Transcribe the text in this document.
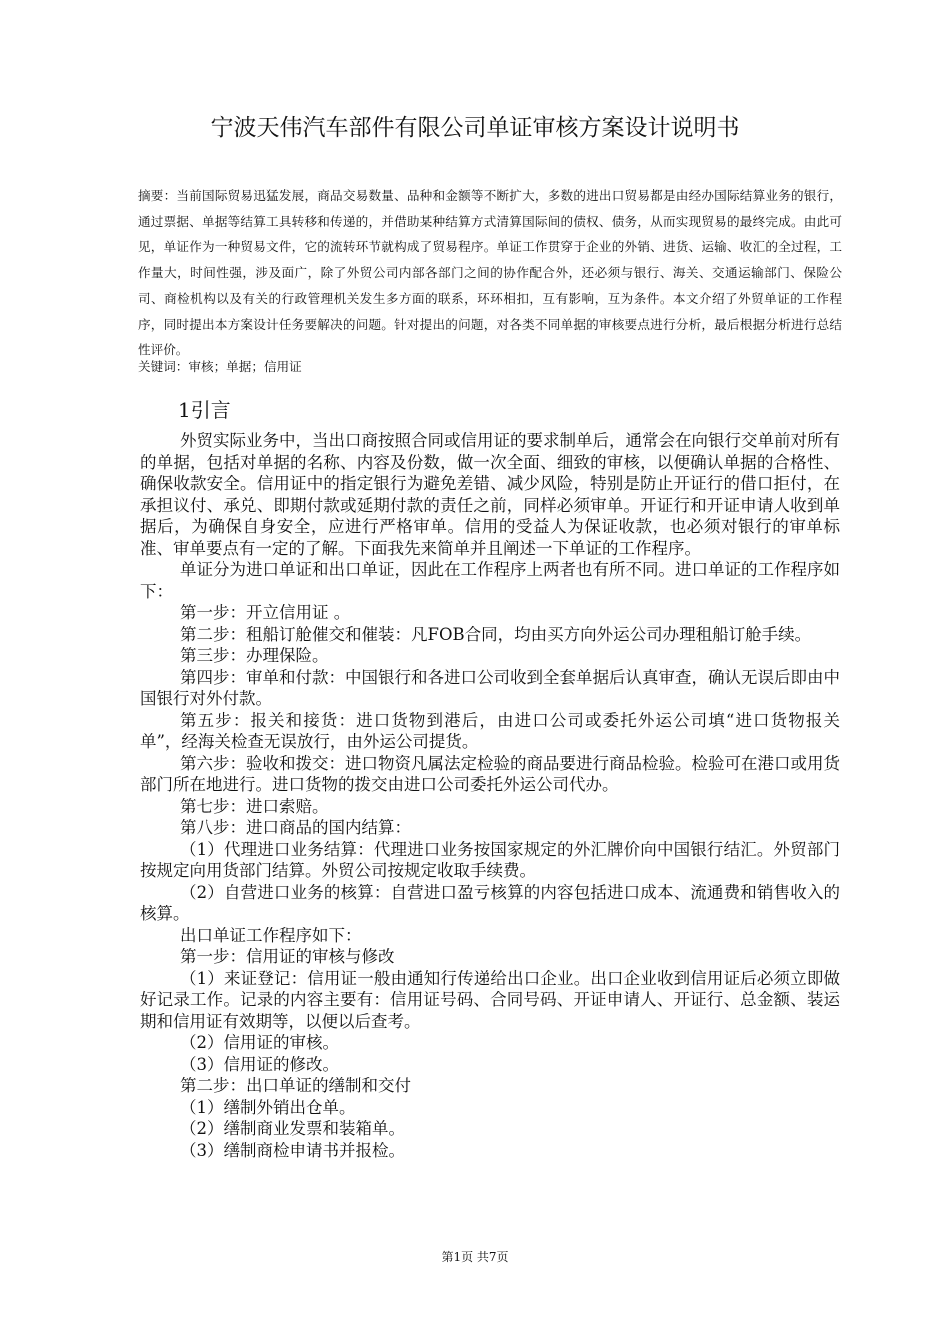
宁波天伟汽车部件有限公司单证审核方案设计说明书

摘要：当前国际贸易迅猛发展，商品交易数量、品种和金额等不断扩大，多数的进出口贸易都是由经办国际结算业务的银行，通过票据、单据等结算工具转移和传递的，并借助某种结算方式清算国际间的债权、债务，从而实现贸易的最终完成。由此可见，单证作为一种贸易文件，它的流转环节就构成了贸易程序。单证工作贯穿于企业的外销、进货、运输、收汇的全过程，工作量大，时间性强，涉及面广，除了外贸公司内部各部门之间的协作配合外，还必须与银行、海关、交通运输部门、保险公司、商检机构以及有关的行政管理机关发生多方面的联系，环环相扣，互有影响，互为条件。本文介绍了外贸单证的工作程序，同时提出本方案设计任务要解决的问题。针对提出的问题，对各类不同单据的审核要点进行分析，最后根据分析进行总结性评价。

关键词：审核；单据；信用证

1引言

外贸实际业务中，当出口商按照合同或信用证的要求制单后，通常会在向银行交单前对所有的单据，包括对单据的名称、内容及份数，做一次全面、细致的审核，以便确认单据的合格性、确保收款安全。信用证中的指定银行为避免差错、减少风险，特别是防止开证行的借口拒付，在承担议付、承兑、即期付款或延期付款的责任之前，同样必须审单。开证行和开证申请人收到单据后，为确保自身安全，应进行严格审单。信用的受益人为保证收款，也必须对银行的审单标准、审单要点有一定的了解。下面我先来简单并且阐述一下单证的工作程序。

单证分为进口单证和出口单证，因此在工作程序上两者也有所不同。进口单证的工作程序如下：

第一步：开立信用证 。

第二步：租船订舱催交和催装：凡FOB合同，均由买方向外运公司办理租船订舱手续。

第三步：办理保险。

第四步：审单和付款：中国银行和各进口公司收到全套单据后认真审查，确认无误后即由中国银行对外付款。

第五步：报关和接货：进口货物到港后，由进口公司或委托外运公司填“进口货物报关单”，经海关检查无误放行，由外运公司提货。

第六步：验收和拨交：进口物资凡属法定检验的商品要进行商品检验。检验可在港口或用货部门所在地进行。进口货物的拨交由进口公司委托外运公司代办。

第七步：进口索赔。

第八步：进口商品的国内结算：

（1）代理进口业务结算：代理进口业务按国家规定的外汇牌价向中国银行结汇。外贸部门按规定向用货部门结算。外贸公司按规定收取手续费。

（2）自营进口业务的核算：自营进口盈亏核算的内容包括进口成本、流通费和销售收入的核算。

出口单证工作程序如下：

第一步：信用证的审核与修改

（1）来证登记：信用证一般由通知行传递给出口企业。出口企业收到信用证后必须立即做好记录工作。记录的内容主要有：信用证号码、合同号码、开证申请人、开证行、总金额、装运期和信用证有效期等，以便以后查考。

（2）信用证的审核。

（3）信用证的修改。

第二步：出口单证的缮制和交付

（1）缮制外销出仓单。

（2）缮制商业发票和装箱单。

（3）缮制商检申请书并报检。

第1页 共7页
